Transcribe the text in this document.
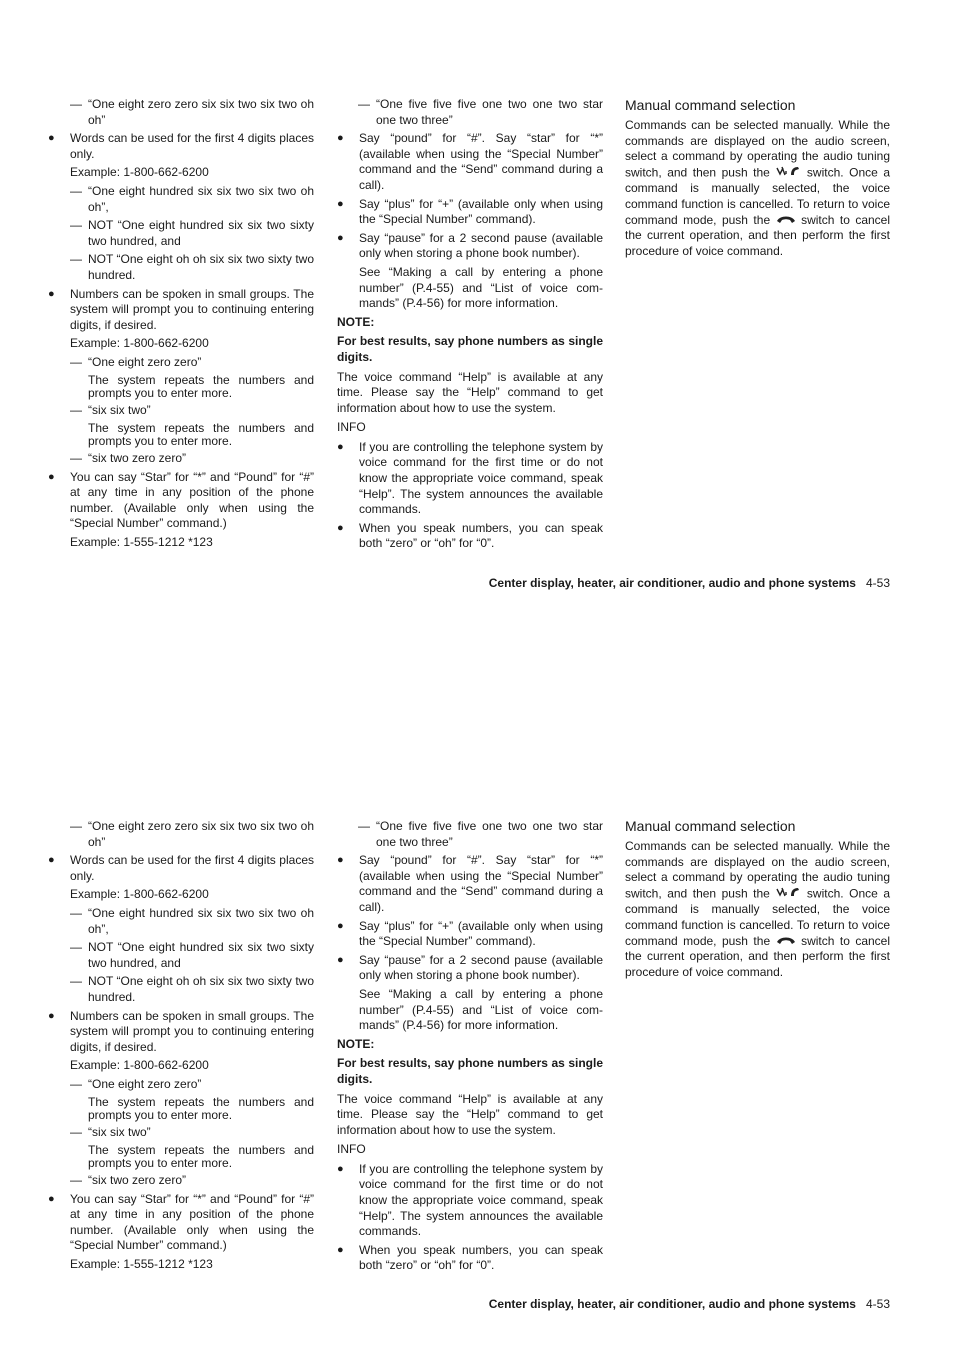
— “One eight zero zero six six two six two oh oh”
● Words can be used for the first 4 digits places only.

Example: 1-800-662-6200

— “One eight hundred six six two six two oh oh”,
— NOT “One eight hundred six six two sixty two hundred, and
— NOT “One eight oh oh six six two sixty two hundred.
● Numbers can be spoken in small groups. The system will prompt you to continuing entering digits, if desired.

Example: 1-800-662-6200

— “One eight zero zero”

The system repeats the numbers and prompts you to enter more.

— “six six two”

The system repeats the numbers and prompts you to enter more.

— “six two zero zero”
● You can say “Star” for “*” and “Pound” for “#” at any time in any position of the phone number. (Available only when using the “Special Number” command.)

Example: 1-555-1212 *123

— “One five five five one two one two star one two three”
● Say “pound” for “#”. Say “star” for “*” (available when using the “Special Number” command and the “Send” command during a call).
● Say “plus” for “+” (available only when using the “Special Number” command).
● Say “pause” for a 2 second pause (available only when storing a phone book number).

See “Making a call by entering a phone number” (P.4-55) and “List of voice com-mands” (P.4-56) for more information.

NOTE:

For best results, say phone numbers as single digits.

The voice command “Help” is available at any time. Please say the “Help” command to get information about how to use the system.

INFO

● If you are controlling the telephone system by voice command for the first time or do not know the appropriate voice command, speak “Help”. The system announces the available commands.
● When you speak numbers, you can speak both “zero” or “oh” for “0”.
Manual command selection

Commands can be selected manually. While the commands are displayed on the audio screen, select a command by operating the audio tuning switch, and then push the	switch. Once a command is manually selected, the voice command function is cancelled. To return to voice command mode, push the	switch to cancel the current operation, and then perform the first procedure of voice command.

Center display, heater, air conditioner, audio and phone systems 4-53
— “One eight zero zero six six two six two oh oh”
● Words can be used for the first 4 digits places only.

Example: 1-800-662-6200

— “One eight hundred six six two six two oh oh”,
— NOT “One eight hundred six six two sixty two hundred, and
— NOT “One eight oh oh six six two sixty two hundred.
● Numbers can be spoken in small groups. The system will prompt you to continuing entering digits, if desired.

Example: 1-800-662-6200

— “One eight zero zero”

The system repeats the numbers and prompts you to enter more.

— “six six two”

The system repeats the numbers and prompts you to enter more.

— “six two zero zero”
● You can say “Star” for “*” and “Pound” for “#” at any time in any position of the phone number. (Available only when using the “Special Number” command.)

Example: 1-555-1212 *123

— “One five five five one two one two star one two three”
● Say “pound” for “#”. Say “star” for “*” (available when using the “Special Number” command and the “Send” command during a call).
● Say “plus” for “+” (available only when using the “Special Number” command).
● Say “pause” for a 2 second pause (available only when storing a phone book number).

See “Making a call by entering a phone number” (P.4-55) and “List of voice com-mands” (P.4-56) for more information.

NOTE:

For best results, say phone numbers as single digits.

The voice command “Help” is available at any time. Please say the “Help” command to get information about how to use the system.

INFO

● If you are controlling the telephone system by voice command for the first time or do not know the appropriate voice command, speak “Help”. The system announces the available commands.
● When you speak numbers, you can speak both “zero” or “oh” for “0”.
Manual command selection

Commands can be selected manually. While the commands are displayed on the audio screen, select a command by operating the audio tuning switch, and then push the	switch. Once a command is manually selected, the voice command function is cancelled. To return to voice command mode, push the	switch to cancel the current operation, and then perform the first procedure of voice command.

Center display, heater, air conditioner, audio and phone systems 4-53
